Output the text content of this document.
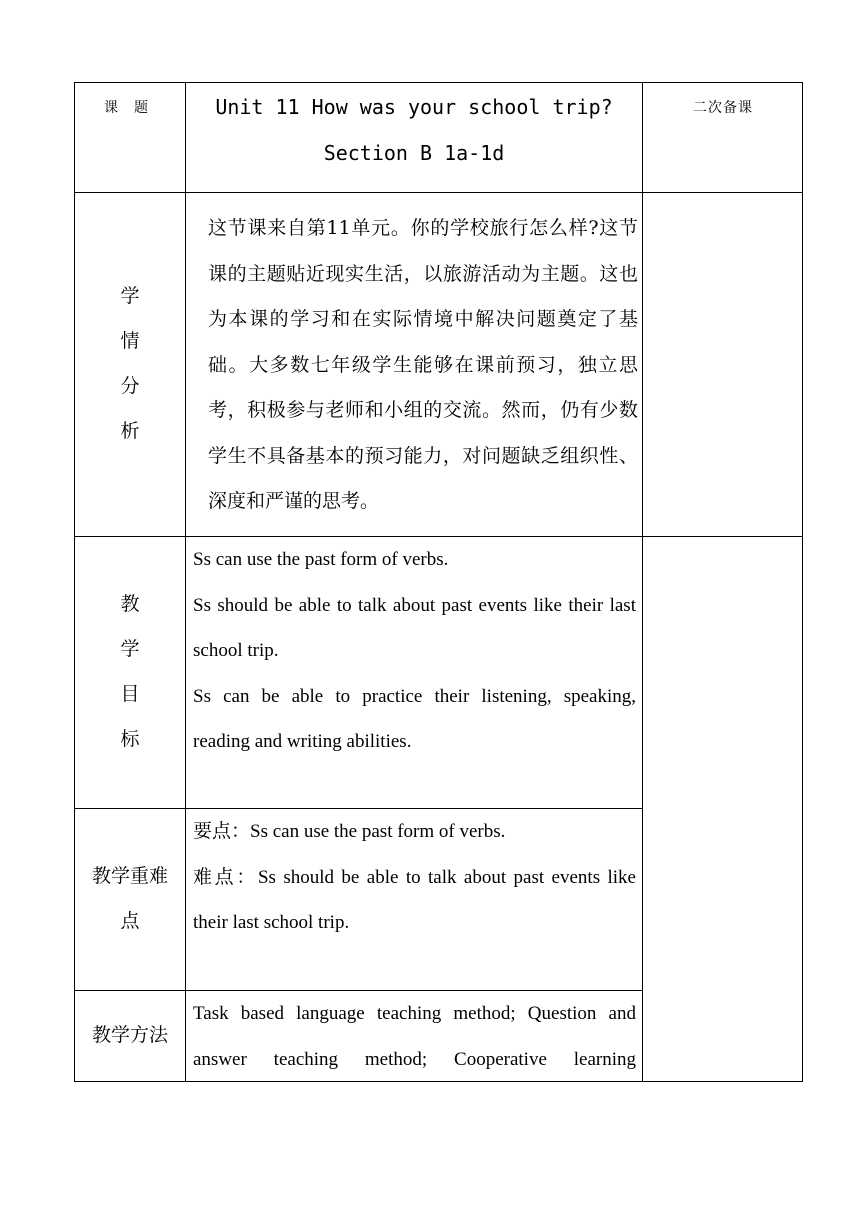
课　题	Unit 11 How was your school trip?
Section B 1a-1d
二次备课
学
情
分
析

这节课来自第11单元。你的学校旅行怎么样?这节课的主题贴近现实生活，以旅游活动为主题。这也为本课的学习和在实际情境中解决问题奠定了基础。大多数七年级学生能够在课前预习，独立思考，积极参与老师和小组的交流。然而，仍有少数学生不具备基本的预习能力，对问题缺乏组织性、深度和严谨的思考。

教
学
目
标

Ss can use the past form of verbs.

Ss should be able to talk about past events like their last school trip.

Ss can be able to practice their listening, speaking, reading and writing abilities.

教学重难
点

要点：Ss can use the past form of verbs.

难点：Ss should be able to talk about past events like their last school trip.

教学方法

Task based language teaching method; Question and answer teaching method; Cooperative learning
